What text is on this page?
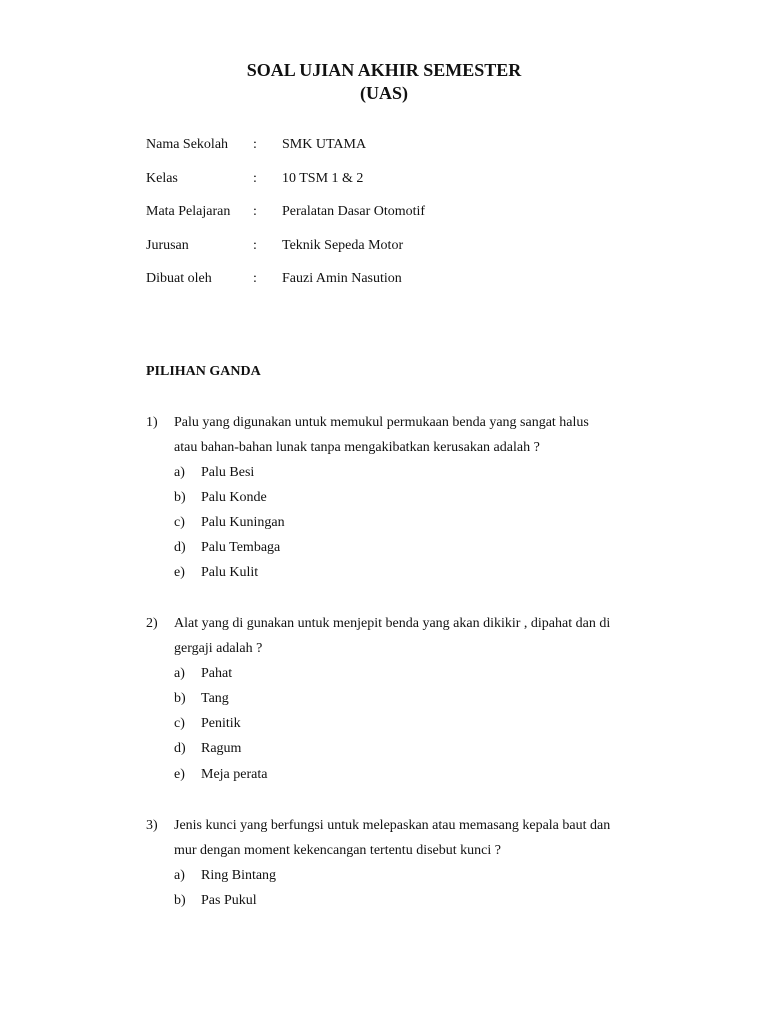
SOAL UJIAN AKHIR SEMESTER
(UAS)
Nama Sekolah : SMK UTAMA
Kelas	: 10 TSM 1 & 2
Mata Pelajaran : Peralatan Dasar Otomotif
Jurusan	: Teknik Sepeda Motor
Dibuat oleh	: Fauzi Amin Nasution
PILIHAN GANDA
1) Palu yang digunakan untuk memukul permukaan benda yang sangat halus
atau bahan-bahan lunak tanpa mengakibatkan kerusakan adalah ?
a) Palu Besi
b) Palu Konde
c) Palu Kuningan
d) Palu Tembaga
e) Palu Kulit
2) Alat yang di gunakan untuk menjepit benda yang akan dikikir , dipahat dan di
gergaji adalah ?
a) Pahat
b) Tang
c) Penitik
d) Ragum
e) Meja perata
3) Jenis kunci yang berfungsi untuk melepaskan atau memasang kepala baut dan
mur dengan moment kekencangan tertentu disebut kunci ?
a) Ring Bintang
b) Pas Pukul
